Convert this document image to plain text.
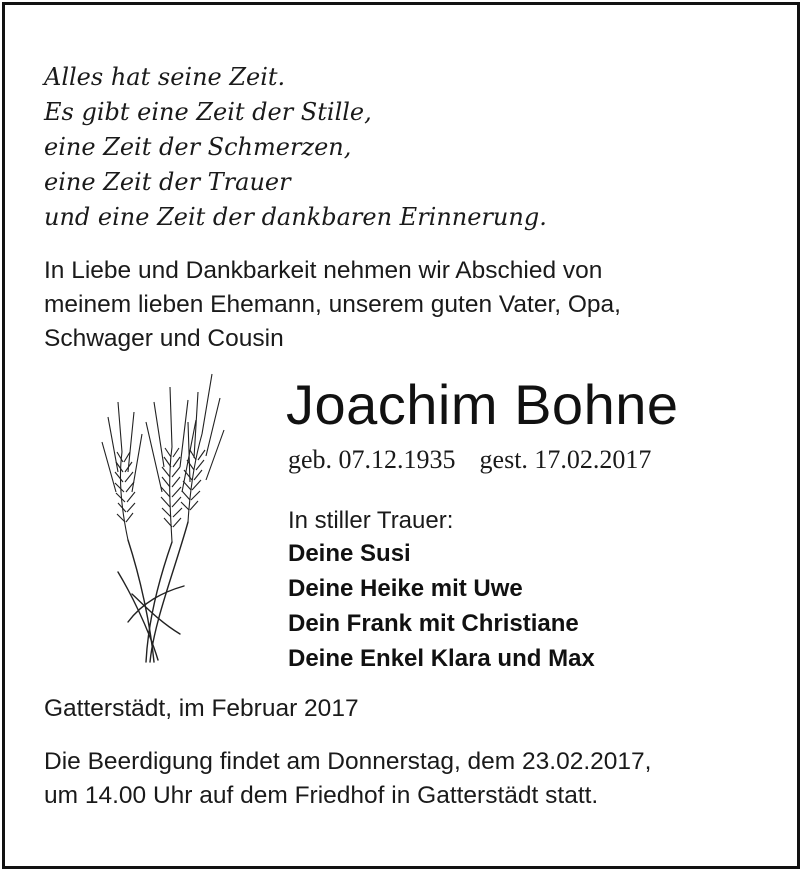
Alles hat seine Zeit.
Es gibt eine Zeit der Stille,
eine Zeit der Schmerzen,
eine Zeit der Trauer
und eine Zeit der dankbaren Erinnerung.
In Liebe und Dankbarkeit nehmen wir Abschied von
meinem lieben Ehemann, unserem guten Vater, Opa,
Schwager und Cousin
Joachim Bohne
geb. 07.12.1935 gest. 17.02.2017
In stiller Trauer:
Deine Susi
Deine Heike mit Uwe
Dein Frank mit Christiane
Deine Enkel Klara und Max
Gatterstädt, im Februar 2017
Die Beerdigung findet am Donnerstag, dem 23.02.2017,
um 14.00 Uhr auf dem Friedhof in Gatterstädt statt.
